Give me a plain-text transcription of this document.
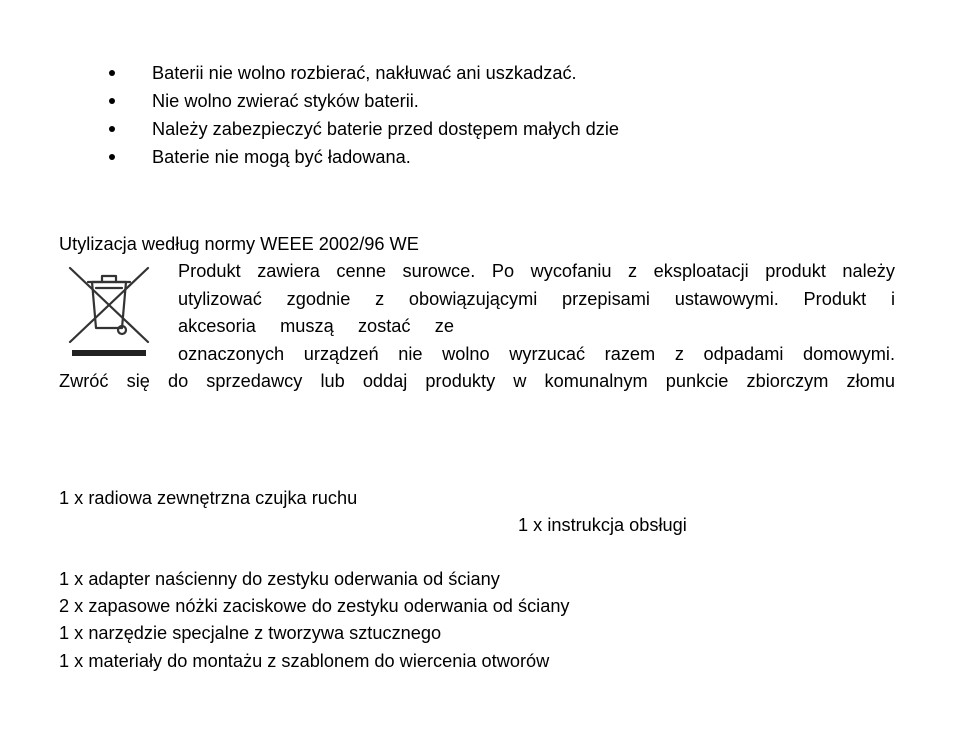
Baterii nie wolno rozbierać, nakłuwać ani uszkadzać.
Nie wolno zwierać styków baterii.
Należy zabezpieczyć baterie przed dostępem małych dzie
Baterie nie mogą być ładowana.
Utylizacja według normy WEEE 2002/96 WE
Produkt zawiera cenne surowce. Po wycofaniu z eksploatacji produkt należy
utylizować zgodnie z obowiązującymi przepisami ustawowymi. Produkt i
akcesoria muszą zostać ze
oznaczonych urządzeń nie wolno wyrzucać razem z odpadami domowymi.
Zwróć się do sprzedawcy lub oddaj produkty w komunalnym punkcie zbiorczym złomu
1 x radiowa zewnętrzna czujka ruchu
1 x instrukcja obsługi
1 x adapter naścienny do zestyku oderwania od ściany
2 x zapasowe nóżki zaciskowe do zestyku oderwania od ściany
1 x narzędzie specjalne z tworzywa sztucznego
1 x materiały do montażu z szablonem do wiercenia otworów
